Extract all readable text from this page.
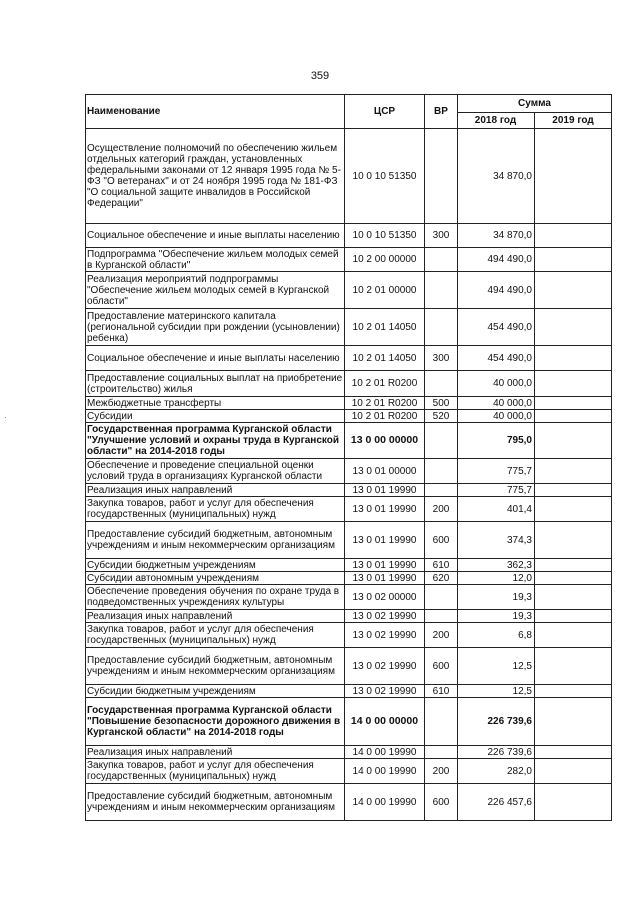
359
·
Наименование	ЦСР	ВР	Сумма	
			2018 год	2019 год
Осуществление полномочий по обеспечению жильем отдельных категорий граждан, установленных федеральными законами от 12 января 1995 года № 5-ФЗ "О ветеранах" и от 24 ноября 1995 года № 181-ФЗ "О социальной защите инвалидов в Российской Федерации"	10 0 10 51350		34 870,0	
Социальное обеспечение и иные выплаты населению	10 0 10 51350	300	34 870,0	
Подпрограмма "Обеспечение жильем молодых семей в Курганской области"	10 2 00 00000		494 490,0	
Реализация мероприятий подпрограммы "Обеспечение жильем молодых семей в Курганской области"	10 2 01 00000		494 490,0	
Предоставление материнского капитала (региональной субсидии при рождении (усыновлении) ребенка)	10 2 01 14050		454 490,0	
Социальное обеспечение и иные выплаты населению	10 2 01 14050	300	454 490,0	
Предоставление социальных выплат на приобретение (строительство) жилья	10 2 01 R0200		40 000,0	
Межбюджетные трансферты	10 2 01 R0200	500	40 000,0	
Субсидии	10 2 01 R0200	520	40 000,0	
Государственная программа Курганской области "Улучшение условий и охраны труда в Курганской области" на 2014-2018 годы	13 0 00 00000		795,0	
Обеспечение и проведение специальной оценки условий труда в организациях Курганской области	13 0 01 00000		775,7	
Реализация иных направлений	13 0 01 19990		775,7	
Закупка товаров, работ и услуг для обеспечения государственных (муниципальных) нужд	13 0 01 19990	200	401,4	
Предоставление субсидий бюджетным, автономным учреждениям и иным некоммерческим организациям	13 0 01 19990	600	374,3	
Субсидии бюджетным учреждениям	13 0 01 19990	610	362,3	
Субсидии автономным учреждениям	13 0 01 19990	620	12,0	
Обеспечение проведения обучения по охране труда в подведомственных учреждениях культуры	13 0 02 00000		19,3	
Реализация иных направлений	13 0 02 19990		19,3	
Закупка товаров, работ и услуг для обеспечения государственных (муниципальных) нужд	13 0 02 19990	200	6,8	
Предоставление субсидий бюджетным, автономным учреждениям и иным некоммерческим организациям	13 0 02 19990	600	12,5	
Субсидии бюджетным учреждениям	13 0 02 19990	610	12,5	
Государственная программа Курганской области "Повышение безопасности дорожного движения в Курганской области" на 2014-2018 годы	14 0 00 00000		226 739,6	
Реализация иных направлений	14 0 00 19990		226 739,6	
Закупка товаров, работ и услуг для обеспечения государственных (муниципальных) нужд	14 0 00 19990	200	282,0	
Предоставление субсидий бюджетным, автономным учреждениям и иным некоммерческим организациям	14 0 00 19990	600	226 457,6	
